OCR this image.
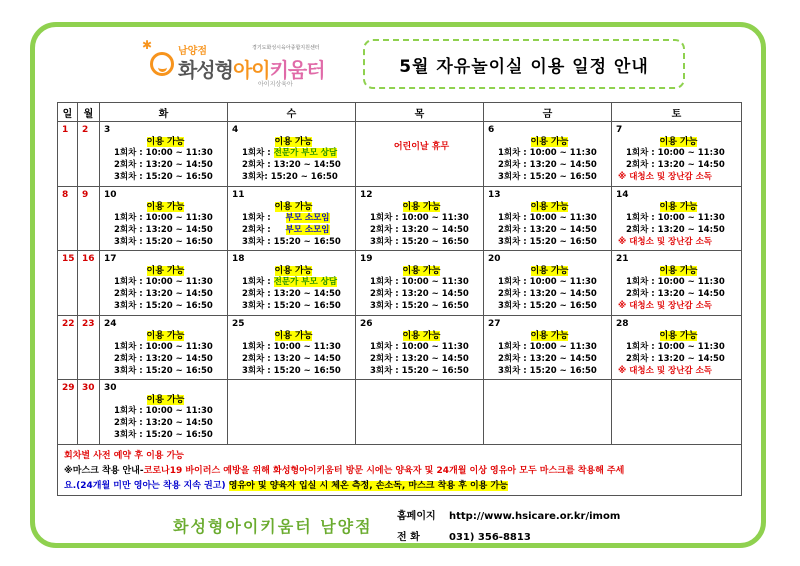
✱	남양점	경기도화성시육아종합지원센터
화성형아이키움터
아이지상육아
5월 자유놀이실 이용 일정 안내
일	월	화	수	목	금	토
1	2	3
이용 가능
1회차 : 10:00 ~ 11:30
2회차 : 13:20 ~ 14:50
3회차 : 15:20 ~ 16:50	4
이용 가능
1회차 : 전문가 부모 상담
2회차 : 13:20 ~ 14:50
3회차: 15:20 ~ 16:50	어린이날 휴무	6
이용 가능
1회차 : 10:00 ~ 11:30
2회차 : 13:20 ~ 14:50
3회차 : 15:20 ~ 16:50	7
이용 가능
1회차 : 10:00 ~ 11:30
2회차 : 13:20 ~ 14:50
※ 대청소 및 장난감 소독

8	9	10
이용 가능
1회차 : 10:00 ~ 11:30
2회차 : 13:20 ~ 14:50
3회차 : 15:20 ~ 16:50	11
이용 가능
1회차 : 부모 소모임
2회차 : 부모 소모임
3회차 : 15:20 ~ 16:50	12
이용 가능
1회차 : 10:00 ~ 11:30
2회차 : 13:20 ~ 14:50
3회차 : 15:20 ~ 16:50	13
이용 가능
1회차 : 10:00 ~ 11:30
2회차 : 13:20 ~ 14:50
3회차 : 15:20 ~ 16:50	14
이용 가능
1회차 : 10:00 ~ 11:30
2회차 : 13:20 ~ 14:50
※ 대청소 및 장난감 소독

15	16	17
이용 가능
1회차 : 10:00 ~ 11:30
2회차 : 13:20 ~ 14:50
3회차 : 15:20 ~ 16:50	18
이용 가능
1회차 : 전문가 부모 상담
2회차 : 13:20 ~ 14:50
3회차 : 15:20 ~ 16:50	19
이용 가능
1회차 : 10:00 ~ 11:30
2회차 : 13:20 ~ 14:50
3회차 : 15:20 ~ 16:50	20
이용 가능
1회차 : 10:00 ~ 11:30
2회차 : 13:20 ~ 14:50
3회차 : 15:20 ~ 16:50	21
이용 가능
1회차 : 10:00 ~ 11:30
2회차 : 13:20 ~ 14:50
※ 대청소 및 장난감 소독

22	23	24
이용 가능
1회차 : 10:00 ~ 11:30
2회차 : 13:20 ~ 14:50
3회차 : 15:20 ~ 16:50	25
이용 가능
1회차 : 10:00 ~ 11:30
2회차 : 13:20 ~ 14:50
3회차 : 15:20 ~ 16:50	26
이용 가능
1회차 : 10:00 ~ 11:30
2회차 : 13:20 ~ 14:50
3회차 : 15:20 ~ 16:50	27
이용 가능
1회차 : 10:00 ~ 11:30
2회차 : 13:20 ~ 14:50
3회차 : 15:20 ~ 16:50	28
이용 가능
1회차 : 10:00 ~ 11:30
2회차 : 13:20 ~ 14:50
※ 대청소 및 장난감 소독

29	30	30
이용 가능
1회차 : 10:00 ~ 11:30
2회차 : 13:20 ~ 14:50
3회차 : 15:20 ~ 16:50				

회차별 사전 예약 후 이용 가능
※마스크 착용 안내-코로나19 바이러스 예방을 위해 화성형아이키움터 방문 시에는 양육자 및 24개월 이상 영유아 모두 마스크를 착용해 주세
요.(24개월 미만 영아는 착용 지속 권고) 영유아 및 양육자 입실 시 체온 측정, 손소독, 마스크 착용 후 이용 가능						
화성형아이키움터 남양점
홈페이지 http://www.hsicare.or.kr/imom
전 화	031) 356-8813
